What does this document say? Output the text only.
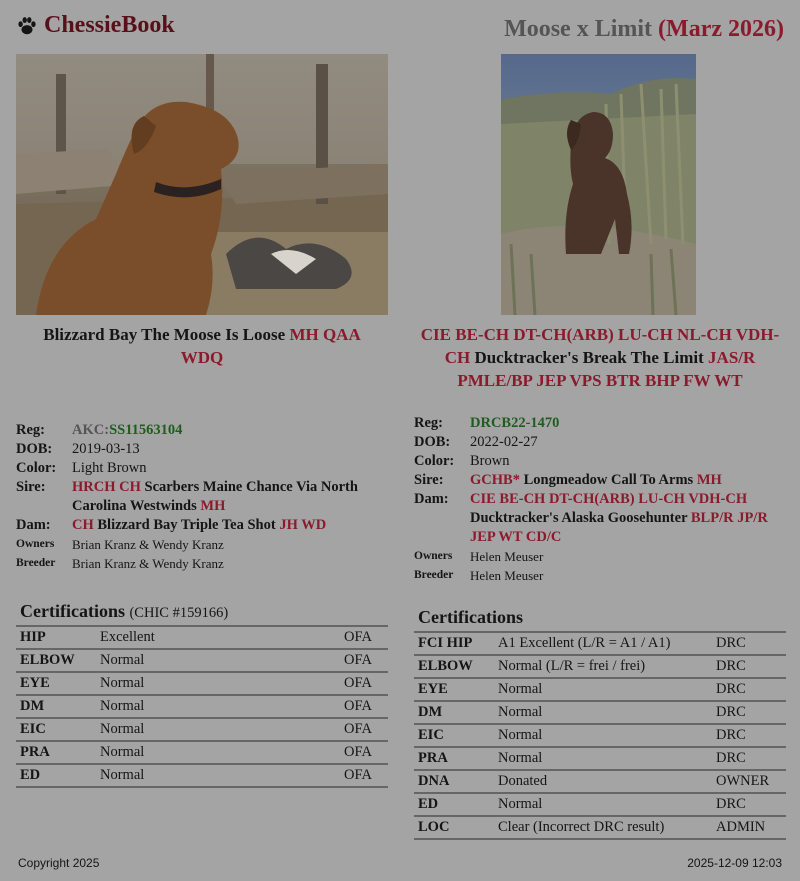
ChessieBook	Moose x Limit (Marz 2026)
Blizzard Bay The Moose Is Loose MH QAA WDQ
Reg:	AKC:SS11563104
DOB:	2019-03-13
Color:	Light Brown
Sire:	HRCH CH Scarbers Maine Chance Via North Carolina Westwinds MH
Dam:	CH Blizzard Bay Triple Tea Shot JH WD
Owners	Brian Kranz & Wendy Kranz
Breeder	Brian Kranz & Wendy Kranz
Certifications (CHIC #159166)
HIP	Excellent	OFA
ELBOW	Normal	OFA
EYE	Normal	OFA
DM	Normal	OFA
EIC	Normal	OFA
PRA	Normal	OFA
ED	Normal	OFA
CIE BE-CH DT-CH(ARB) LU-CH NL-CH VDH-CH Ducktracker's Break The Limit JAS/R PMLE/BP JEP VPS BTR BHP FW WT
Reg:	DRCB22-1470
DOB:	2022-02-27
Color:	Brown
Sire:	GCHB* Longmeadow Call To Arms MH
Dam:	CIE BE-CH DT-CH(ARB) LU-CH VDH-CH Ducktracker's Alaska Goosehunter BLP/R JP/R JEP WT CD/C
Owners	Helen Meuser
Breeder	Helen Meuser
Certifications
FCI HIP	A1 Excellent (L/R = A1 / A1)	DRC
ELBOW	Normal (L/R = frei / frei)	DRC
EYE	Normal	DRC
DM	Normal	DRC
EIC	Normal	DRC
PRA	Normal	DRC
DNA	Donated	OWNER
ED	Normal	DRC
LOC	Clear (Incorrect DRC result)	ADMIN
Copyright 2025	2025-12-09 12:03
